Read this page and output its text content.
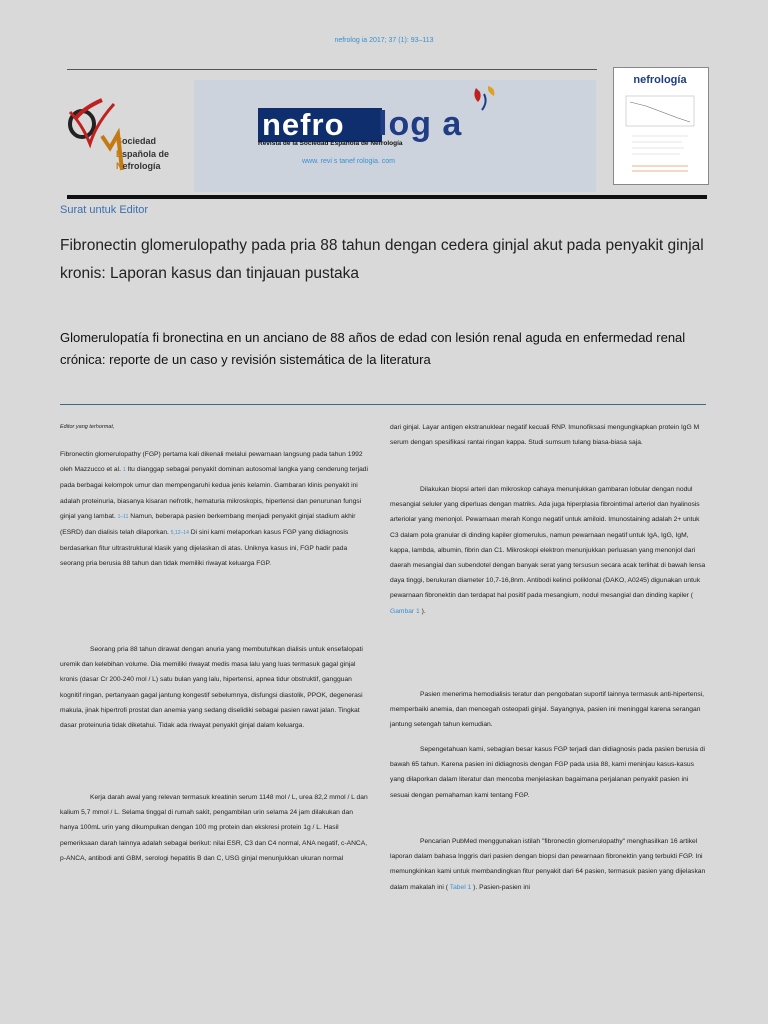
nefrolog ia 2017; 37 (1): 93–113
Sociedad
Española de
Nefrología
nefro log a
Revista de la Sociedad Española de Nefrología
www. revi s tanef rologia. com
nefrología
Surat untuk Editor
Fibronectin glomerulopathy pada pria 88 tahun dengan cedera ginjal akut pada penyakit ginjal kronis: Laporan kasus dan tinjauan pustaka
Glomerulopatía fi bronectina en un anciano de 88 años de edad con lesión renal aguda en enfermedad renal crónica: reporte de un caso y revisión sistemática de la literatura

Editor yang terhormat,

Fibronectin glomerulopathy (FGP) pertama kali dikenali melalui pewarnaan langsung pada tahun 1992 oleh Mazzucco et al. 1 Itu dianggap sebagai penyakit dominan autosomal langka yang cenderung terjadi pada berbagai kelompok umur dan mempengaruhi kedua jenis kelamin. Gambaran klinis penyakit ini adalah proteinuria, biasanya kisaran nefrotik, hematuria mikroskopis, hipertensi dan penurunan fungsi ginjal yang lambat. 1–11 Namun, beberapa pasien berkembang menjadi penyakit ginjal stadium akhir (ESRD) dan dialisis telah dilaporkan. 5,12–14 Di sini kami melaporkan kasus FGP yang didiagnosis berdasarkan fitur ultrastruktural klasik yang dijelaskan di atas. Uniknya kasus ini, FGP hadir pada seorang pria berusia 88 tahun dan tidak memiliki riwayat keluarga FGP.

Seorang pria 88 tahun dirawat dengan anuria yang membutuhkan dialisis untuk ensefalopati uremik dan kelebihan volume. Dia memiliki riwayat medis masa lalu yang luas termasuk gagal ginjal kronis (dasar Cr 200-240 mol / L) satu bulan yang lalu, hipertensi, apnea tidur obstruktif, gangguan kognitif ringan, pertanyaan gagal jantung kongestif sebelumnya, disfungsi diastolik, PPOK, degenerasi makula, jinak hipertrofi prostat dan anemia yang sedang diselidiki sebagai pasien rawat jalan. Tingkat dasar proteinuria tidak diketahui. Tidak ada riwayat penyakit ginjal dalam keluarga.

Kerja darah awal yang relevan termasuk kreatinin serum 1148 mol / L, urea 82,2 mmol / L dan kalium 5,7 mmol / L. Selama tinggal di rumah sakit, pengambilan urin selama 24 jam dilakukan dan hanya 100mL urin yang dikumpulkan dengan 100 mg protein dan ekskresi protein 1g / L. Hasil pemeriksaan darah lainnya adalah sebagai berikut: nilai ESR, C3 dan C4 normal, ANA negatif, c-ANCA, p-ANCA, antibodi anti GBM, serologi hepatitis B dan C, USG ginjal menunjukkan ukuran normal

dari ginjal. Layar antigen ekstranuklear negatif kecuali RNP. Imunofiksasi mengungkapkan protein IgG M serum dengan spesifikasi rantai ringan kappa. Studi sumsum tulang biasa-biasa saja.

Dilakukan biopsi arteri dan mikroskop cahaya menunjukkan gambaran lobular dengan nodul mesangial seluler yang diperluas dengan matriks. Ada juga hiperplasia fibrointimal arteriol dan hyalinosis arteriolar yang menonjol. Pewarnaan merah Kongo negatif untuk amiloid. Imunostaining adalah 2+ untuk C3 dalam pola granular di dinding kapiler glomerulus, namun pewarnaan negatif untuk IgA, IgG, IgM, kappa, lambda, albumin, fibrin dan C1. Mikroskopi elektron menunjukkan perluasan yang menonjol dari daerah mesangial dan subendotel dengan banyak serat yang tersusun secara acak terlihat di bawah lensa daya tinggi, berukuran diameter 10,7-16,8nm. Antibodi kelinci poliklonal (DAKO, A0245) digunakan untuk pewarnaan fibronektin dan terdapat hal positif pada mesangium, nodul mesangial dan dinding kapiler ( Gambar 1 ).

Pasien menerima hemodialisis teratur dan pengobatan suportif lainnya termasuk anti-hipertensi, memperbaiki anemia, dan mencegah osteopati ginjal. Sayangnya, pasien ini meninggal karena serangan jantung setengah tahun kemudian.

Sepengetahuan kami, sebagian besar kasus FGP terjadi dan didiagnosis pada pasien berusia di bawah 65 tahun. Karena pasien ini didiagnosis dengan FGP pada usia 88, kami meninjau kasus-kasus yang dilaporkan dalam literatur dan mencoba menjelaskan bagaimana perjalanan penyakit pasien ini sesuai dengan pemahaman kami tentang FGP.

Pencarian PubMed menggunakan istilah "fibronectin glomerulopathy" menghasilkan 16 artikel laporan dalam bahasa Inggris dari pasien dengan biopsi dan pewarnaan fibronektin yang terbukti FGP. Ini memungkinkan kami untuk membandingkan fitur penyakit dari 64 pasien, termasuk pasien yang dijelaskan dalam makalah ini ( Tabel 1 ). Pasien-pasien ini
